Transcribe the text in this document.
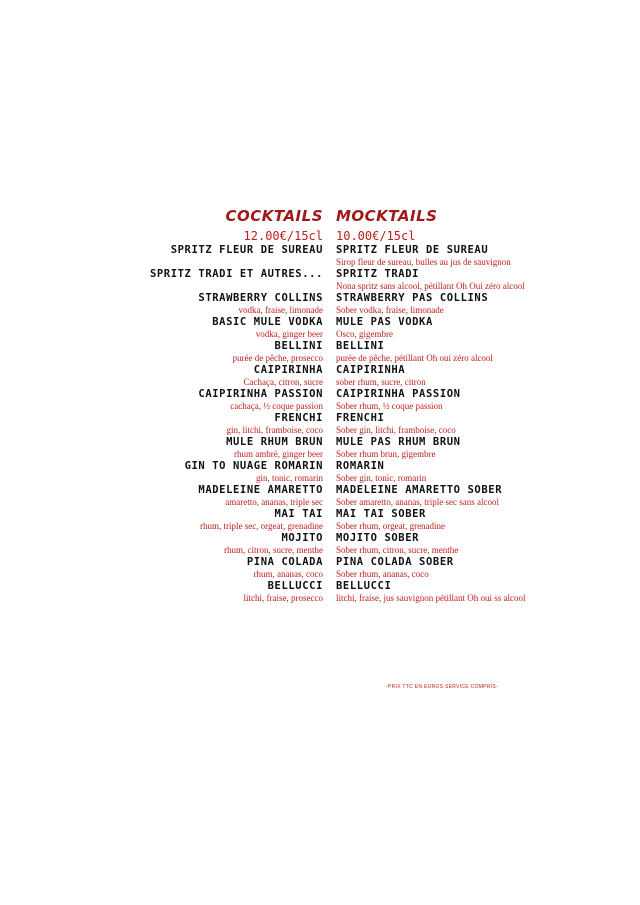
COCKTAILS
12.00€/15cl
SPRITZ FLEUR DE SUREAU
SPRITZ TRADI ET AUTRES...
STRAWBERRY COLLINS
vodka, fraise, limonade
BASIC MULE VODKA
vodka, ginger beer
BELLINI
purée de pêche, prosecco
CAIPIRINHA
Cachaça, citron, sucre
CAIPIRINHA PASSION
cachaça, ½ coque passion
FRENCHI
gin, litchi, framboise, coco
MULE RHUM BRUN
rhum ambré, ginger beer
GIN TO NUAGE ROMARIN
gin, tonic, romarin
MADELEINE AMARETTO
amaretto, ananas, triple sec
MAI TAI
rhum, triple sec, orgeat, grenadine
MOJITO
rhum, citron, sucre, menthe
PINA COLADA
rhum, ananas, coco
BELLUCCI
litchi, fraise, prosecco
MOCKTAILS
10.00€/15cl
SPRITZ FLEUR DE SUREAU
Sirop fleur de sureau, bulles au jus de sauvignon
SPRITZ TRADI
Nona spritz sans alcool, pétillant Oh Oui zéro alcool
STRAWBERRY PAS COLLINS
Sober vodka, fraise, limonade
MULE PAS VODKA
Osco, gigembre
BELLINI
purée de pêche, pétillant Oh oui zéro alcool
CAIPIRINHA
sober rhum, sucre, citron
CAIPIRINHA PASSION
Sober rhum, ½ coque passion
FRENCHI
Sober gin, litchi, framboise, coco
MULE PAS RHUM BRUN
Sober rhum brun, gigembre
ROMARIN
Sober gin, tonic, romarin
MADELEINE AMARETTO SOBER
Sober amaretto, ananas, triple sec sans alcool
MAI TAI SOBER
Sober rhum, orgeat, grenadine
MOJITO SOBER
Sober rhum, citron, sucre, menthe
PINA COLADA SOBER
Sober rhum, ananas, coco
BELLUCCI
litchi, fraise, jus sauvignon pétillant Oh oui ss alcool
-PRIX TTC EN EUROS SERVICE COMPRIS-
